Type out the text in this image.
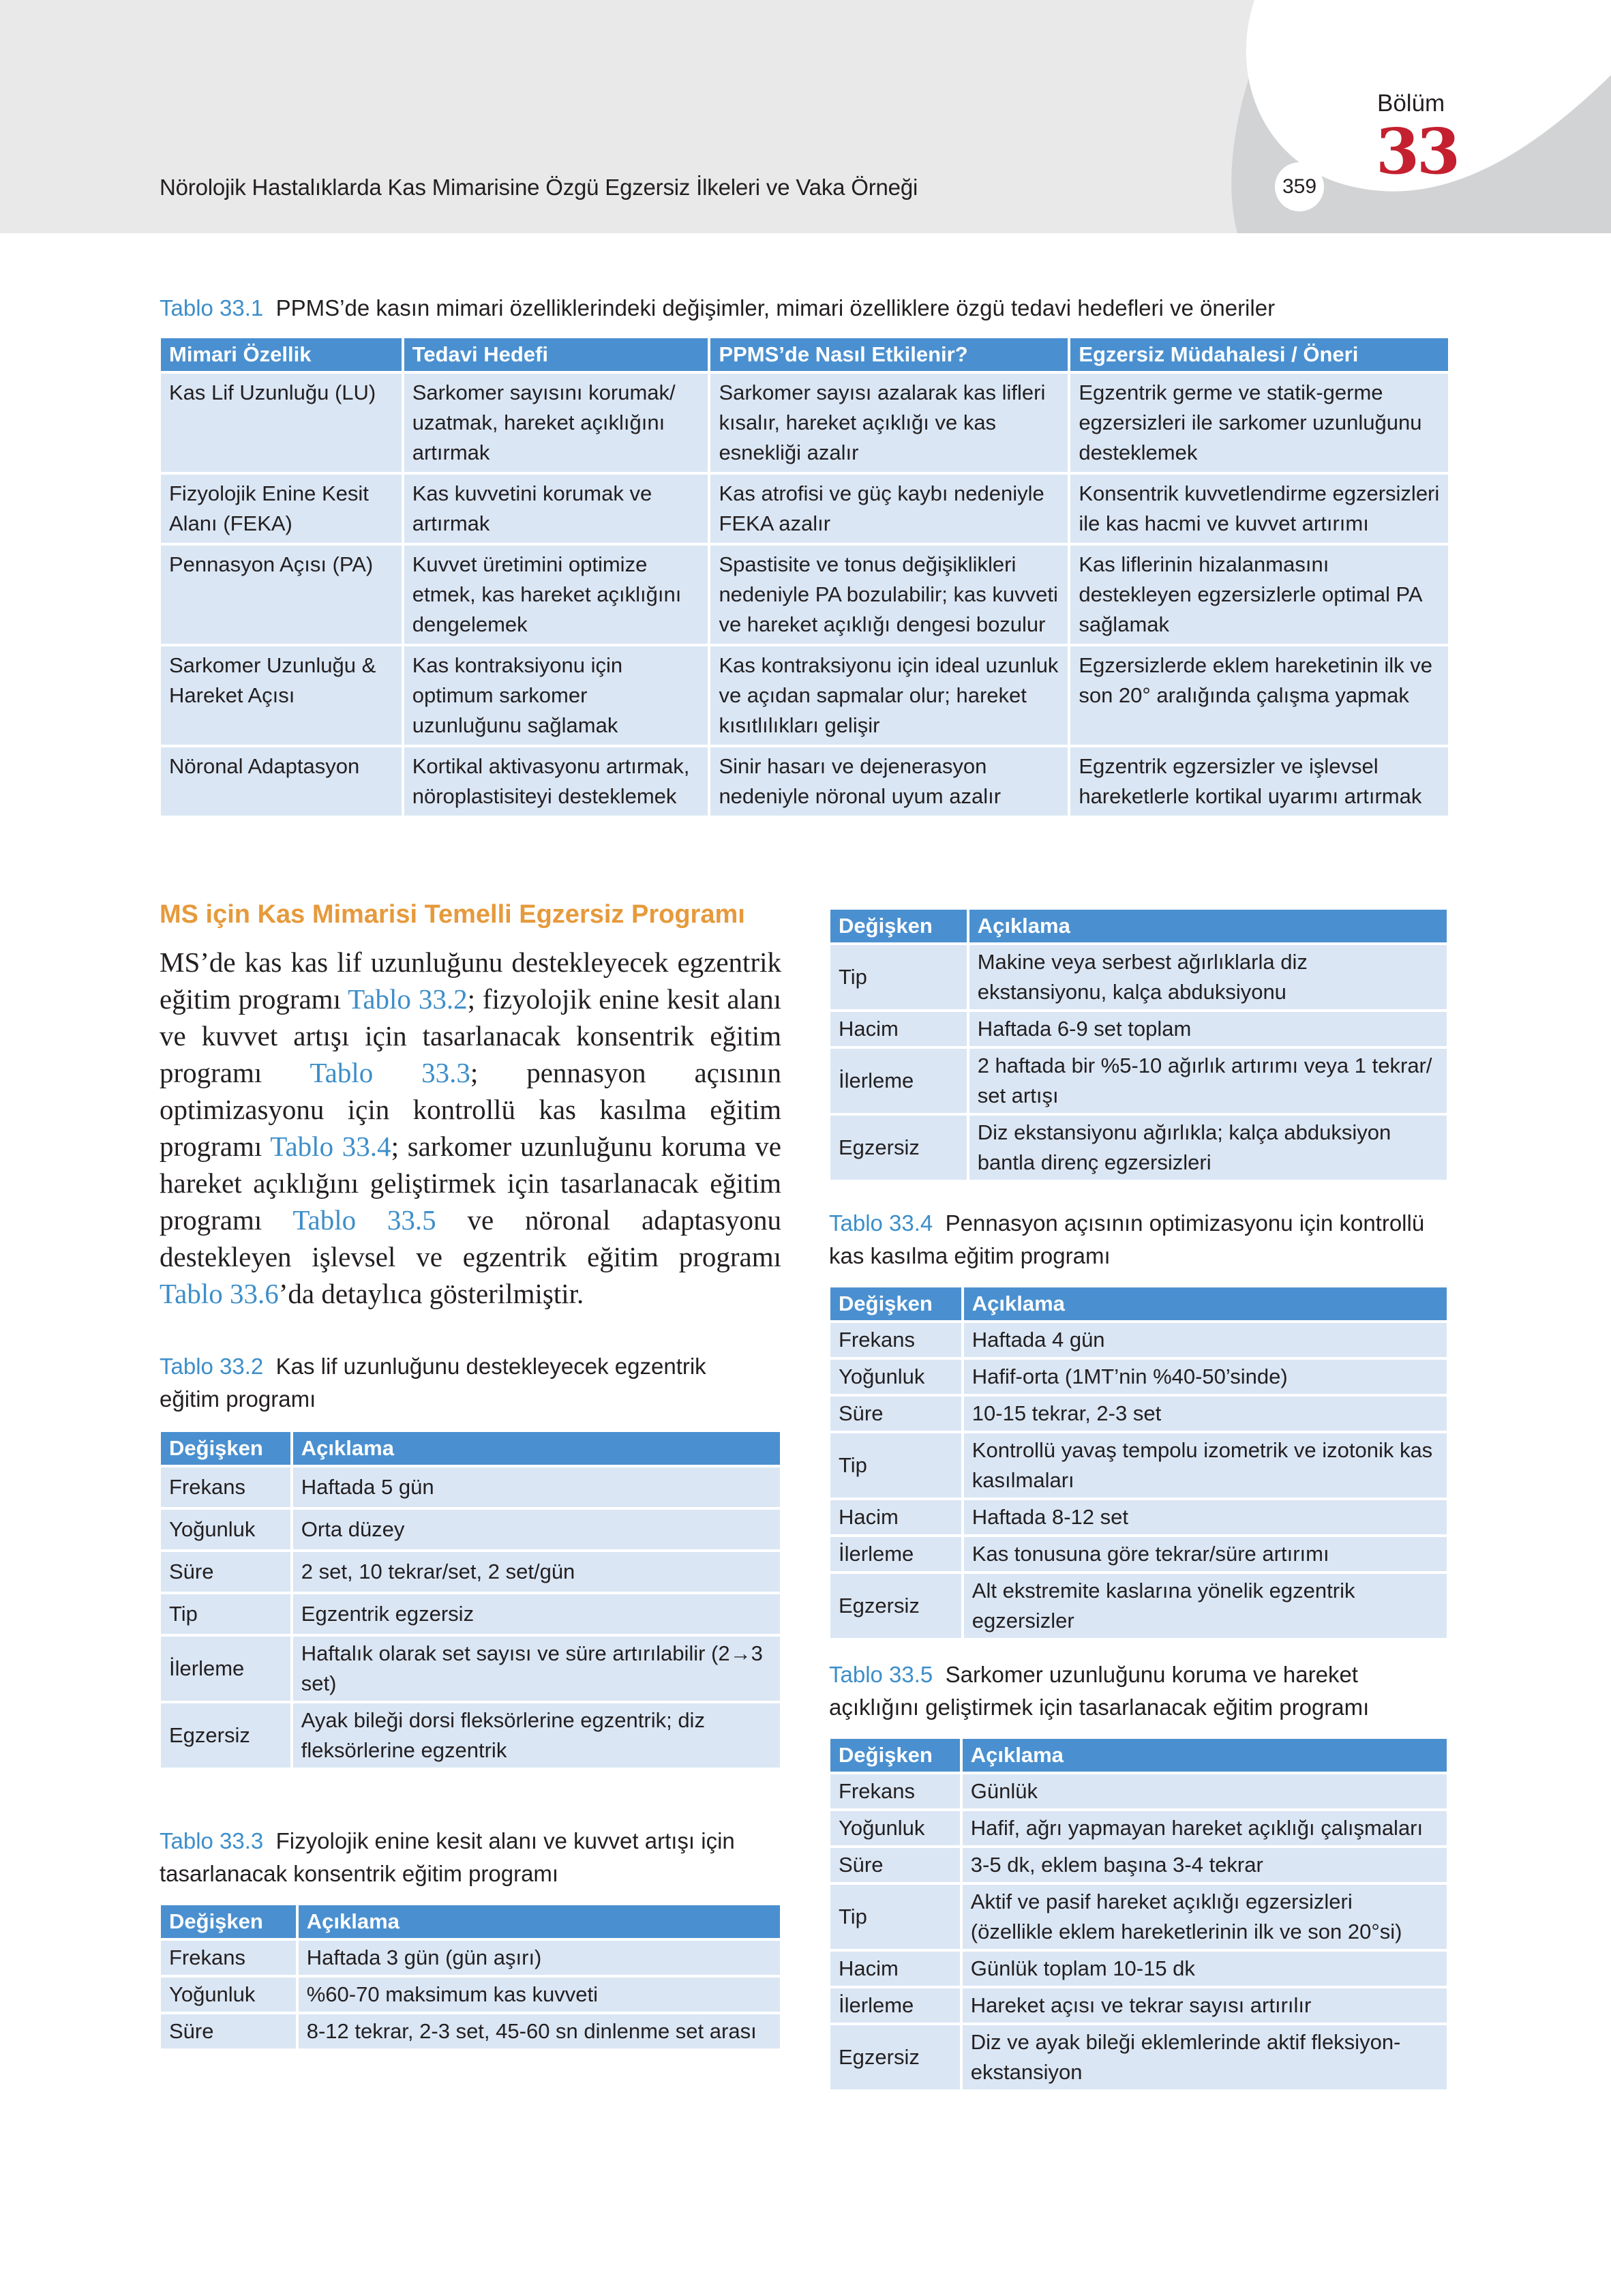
Nörolojik Hastalıklarda Kas Mimarisine Özgü Egzersiz İlkeleri ve Vaka Örneği	359
Bölüm
33
Tablo 33.1 PPMS’de kasın mimari özelliklerindeki değişimler, mimari özelliklere özgü tedavi hedefleri ve öneriler
Mimari Özellik	Tedavi Hedefi	PPMS’de Nasıl Etkilenir?	Egzersiz Müdahalesi / Öneri
Kas Lif Uzunluğu (LU)	Sarkomer sayısını korumak/ uzatmak, hareket açıklığını artırmak	Sarkomer sayısı azalarak kas lifleri kısalır, hareket açıklığı ve kas esnekliği azalır	Egzentrik germe ve statik-germe egzersizleri ile sarkomer uzunluğunu desteklemek
Fizyolojik Enine Kesit Alanı (FEKA)	Kas kuvvetini korumak ve artırmak	Kas atrofisi ve güç kaybı nedeniyle FEKA azalır	Konsentrik kuvvetlendirme egzersizleri ile kas hacmi ve kuvvet artırımı
Pennasyon Açısı (PA)	Kuvvet üretimini optimize etmek, kas hareket açıklığını dengelemek	Spastisite ve tonus değişiklikleri nedeniyle PA bozulabilir; kas kuvveti ve hareket açıklığı dengesi bozulur	Kas liflerinin hizalanmasını destekleyen egzersizlerle optimal PA sağlamak
Sarkomer Uzunluğu & Hareket Açısı	Kas kontraksiyonu için optimum sarkomer uzunluğunu sağlamak	Kas kontraksiyonu için ideal uzunluk ve açıdan sapmalar olur; hareket kısıtlılıkları gelişir	Egzersizlerde eklem hareketinin ilk ve son 20° aralığında çalışma yapmak
Nöronal Adaptasyon	Kortikal aktivasyonu artırmak, nöroplastisiteyi desteklemek	Sinir hasarı ve dejenerasyon nedeniyle nöronal uyum azalır	Egzentrik egzersizler ve işlevsel hareketlerle kortikal uyarımı artırmak
MS için Kas Mimarisi Temelli Egzersiz Programı
MS’de kas kas lif uzunluğunu destekleyecek egzentrik eğitim programı Tablo 33.2; fizyolojik enine kesit alanı ve kuvvet artışı için tasarlanacak konsentrik eğitim programı Tablo 33.3; pennasyon açısının optimizasyonu için kontrollü kas kasılma eğitim programı Tablo 33.4; sarkomer uzunluğunu koruma ve hareket açıklığını geliştirmek için tasarlanacak eğitim programı Tablo 33.5 ve nöronal adaptasyonu destekleyen işlevsel ve egzentrik eğitim programı Tablo 33.6’da detaylıca gösterilmiştir.
Tablo 33.2 Kas lif uzunluğunu destekleyecek egzentrik eğitim programı
Değişken	Açıklama
Frekans	Haftada 5 gün
Yoğunluk	Orta düzey
Süre	2 set, 10 tekrar/set, 2 set/gün
Tip	Egzentrik egzersiz
İlerleme	Haftalık olarak set sayısı ve süre artırılabilir (2→3 set)
Egzersiz	Ayak bileği dorsi fleksörlerine egzentrik; diz fleksörlerine egzentrik
Tablo 33.3 Fizyolojik enine kesit alanı ve kuvvet artışı için tasarlanacak konsentrik eğitim programı
Değişken	Açıklama
Frekans	Haftada 3 gün (gün aşırı)
Yoğunluk	%60-70 maksimum kas kuvveti
Süre	8-12 tekrar, 2-3 set, 45-60 sn dinlenme set arası
Değişken	Açıklama
Tip	Makine veya serbest ağırlıklarla diz ekstansiyonu, kalça abduksiyonu
Hacim	Haftada 6-9 set toplam
İlerleme	2 haftada bir %5-10 ağırlık artırımı veya 1 tekrar/ set artışı
Egzersiz	Diz ekstansiyonu ağırlıkla; kalça abduksiyon bantla direnç egzersizleri
Tablo 33.4 Pennasyon açısının optimizasyonu için kontrollü kas kasılma eğitim programı
Değişken	Açıklama
Frekans	Haftada 4 gün
Yoğunluk	Hafif-orta (1MT’nin %40-50’sinde)
Süre	10-15 tekrar, 2-3 set
Tip	Kontrollü yavaş tempolu izometrik ve izotonik kas kasılmaları
Hacim	Haftada 8-12 set
İlerleme	Kas tonusuna göre tekrar/süre artırımı
Egzersiz	Alt ekstremite kaslarına yönelik egzentrik egzersizler
Tablo 33.5 Sarkomer uzunluğunu koruma ve hareket açıklığını geliştirmek için tasarlanacak eğitim programı
Değişken	Açıklama
Frekans	Günlük
Yoğunluk	Hafif, ağrı yapmayan hareket açıklığı çalışmaları
Süre	3-5 dk, eklem başına 3-4 tekrar
Tip	Aktif ve pasif hareket açıklığı egzersizleri (özellikle eklem hareketlerinin ilk ve son 20°si)
Hacim	Günlük toplam 10-15 dk
İlerleme	Hareket açısı ve tekrar sayısı artırılır
Egzersiz	Diz ve ayak bileği eklemlerinde aktif fleksiyon-ekstansiyon
